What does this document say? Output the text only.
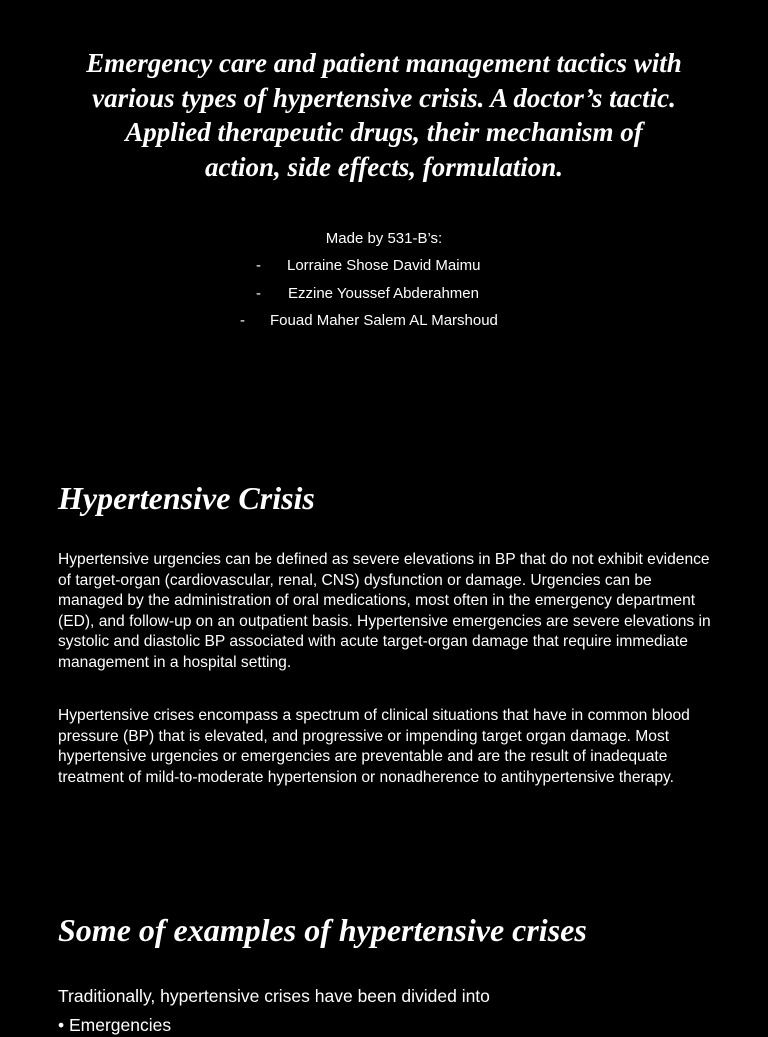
Emergency care and patient management tactics with various types of hypertensive crisis. A doctor’s tactic. Applied therapeutic drugs, their mechanism of action, side effects, formulation.
Made by 531-B’s:
- Lorraine Shose David Maimu
- Ezzine Youssef Abderahmen
- Fouad Maher Salem AL Marshoud
Hypertensive Crisis

Hypertensive urgencies can be defined as severe elevations in BP that do not exhibit evidence of target-organ (cardiovascular, renal, CNS) dysfunction or damage. Urgencies can be managed by the administration of oral medications, most often in the emergency department (ED), and follow-up on an outpatient basis. Hypertensive emergencies are severe elevations in systolic and diastolic BP associated with acute target-organ damage that require immediate management in a hospital setting.

Hypertensive crises encompass a spectrum of clinical situations that have in common blood pressure (BP) that is elevated, and progressive or impending target organ damage. Most hypertensive urgencies or emergencies are preventable and are the result of inadequate treatment of mild-to-moderate hypertension or nonadherence to antihypertensive therapy.

Some of examples of hypertensive crises
Traditionally, hypertensive crises have been divided into
• Emergencies
